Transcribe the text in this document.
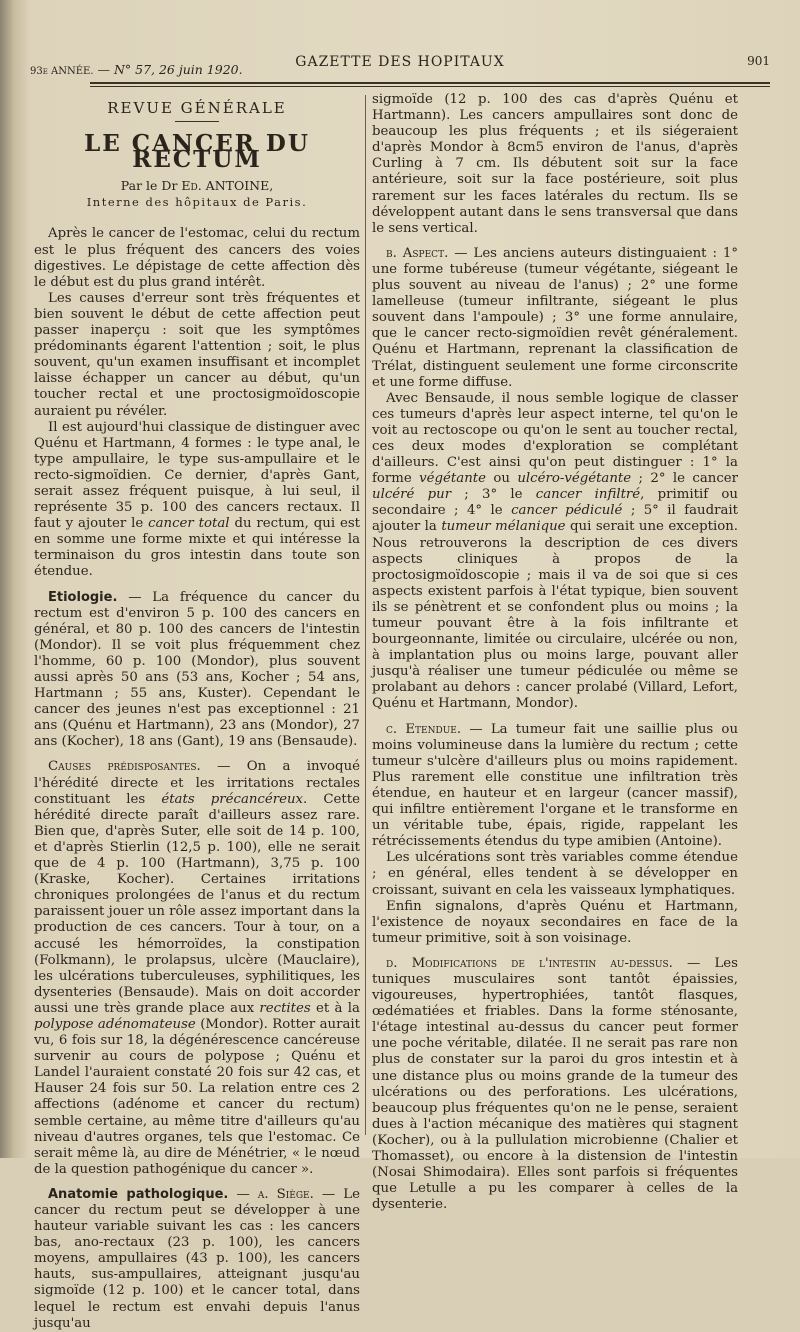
93e ANNÉE. — N° 57, 26 juin 1920.	GAZETTE DES HOPITAUX	901
REVUE GÉNÉRALE
LE CANCER DU RECTUM
Par le Dr Ed. ANTOINE,
Interne des hôpitaux de Paris.

Après le cancer de l'estomac, celui du rectum est le plus fréquent des cancers des voies digestives. Le dépistage de cette affection dès le début est du plus grand intérêt.

Les causes d'erreur sont très fréquentes et bien souvent le début de cette affection peut passer inaperçu : soit que les symptômes prédominants égarent l'attention ; soit, le plus souvent, qu'un examen insuffisant et incomplet laisse échapper un cancer au début, qu'un toucher rectal et une proctosigmoïdoscopie auraient pu révéler.

Il est aujourd'hui classique de distinguer avec Quénu et Hartmann, 4 formes : le type anal, le type ampullaire, le type sus-ampullaire et le recto-sigmoïdien. Ce dernier, d'après Gant, serait assez fréquent puisque, à lui seul, il représente 35 p. 100 des cancers rectaux. Il faut y ajouter le cancer total du rectum, qui est en somme une forme mixte et qui intéresse la terminaison du gros intestin dans toute son étendue.

Etiologie. — La fréquence du cancer du rectum est d'environ 5 p. 100 des cancers en général, et 80 p. 100 des cancers de l'intestin (Mondor). Il se voit plus fréquemment chez l'homme, 60 p. 100 (Mondor), plus souvent aussi après 50 ans (53 ans, Kocher ; 54 ans, Hartmann ; 55 ans, Kuster). Cependant le cancer des jeunes n'est pas exceptionnel : 21 ans (Quénu et Hartmann), 23 ans (Mondor), 27 ans (Kocher), 18 ans (Gant), 19 ans (Bensaude).

Causes prédisposantes. — On a invoqué l'hérédité directe et les irritations rectales constituant les états précancéreux. Cette hérédité directe paraît d'ailleurs assez rare. Bien que, d'après Suter, elle soit de 14 p. 100, et d'après Stierlin (12,5 p. 100), elle ne serait que de 4 p. 100 (Hartmann), 3,75 p. 100 (Kraske, Kocher). Certaines irritations chroniques prolongées de l'anus et du rectum paraissent jouer un rôle assez important dans la production de ces cancers. Tour à tour, on a accusé les hémorroïdes, la constipation (Folkmann), le prolapsus, ulcère (Mauclaire), les ulcérations tuberculeuses, syphilitiques, les dysenteries (Bensaude). Mais on doit accorder aussi une très grande place aux rectites et à la polypose adénomateuse (Mondor). Rotter aurait vu, 6 fois sur 18, la dégénérescence cancéreuse survenir au cours de polypose ; Quénu et Landel l'auraient constaté 20 fois sur 42 cas, et Hauser 24 fois sur 50. La relation entre ces 2 affections (adénome et cancer du rectum) semble certaine, au même titre d'ailleurs qu'au niveau d'autres organes, tels que l'estomac. Ce serait même là, au dire de Ménétrier, « le nœud de la question pathogénique du cancer ».

Anatomie pathologique. — a. Siège. — Le cancer du rectum peut se développer à une hauteur variable suivant les cas : les cancers bas, ano-rectaux (23 p. 100), les cancers moyens, ampullaires (43 p. 100), les cancers hauts, sus-ampullaires, atteignant jusqu'au sigmoïde (12 p. 100) et le cancer total, dans lequel le rectum est envahi depuis l'anus jusqu'au

sigmoïde (12 p. 100 des cas d'après Quénu et Hartmann). Les cancers ampullaires sont donc de beaucoup les plus fréquents ; et ils siégeraient d'après Mondor à 8cm5 environ de l'anus, d'après Curling à 7 cm. Ils débutent soit sur la face antérieure, soit sur la face postérieure, soit plus rarement sur les faces latérales du rectum. Ils se développent autant dans le sens transversal que dans le sens vertical.

b. Aspect. — Les anciens auteurs distinguaient : 1° une forme tubéreuse (tumeur végétante, siégeant le plus souvent au niveau de l'anus) ; 2° une forme lamelleuse (tumeur infiltrante, siégeant le plus souvent dans l'ampoule) ; 3° une forme annulaire, que le cancer recto-sigmoïdien revêt généralement. Quénu et Hartmann, reprenant la classification de Trélat, distinguent seulement une forme circonscrite et une forme diffuse.

Avec Bensaude, il nous semble logique de classer ces tumeurs d'après leur aspect interne, tel qu'on le voit au rectoscope ou qu'on le sent au toucher rectal, ces deux modes d'exploration se complétant d'ailleurs. C'est ainsi qu'on peut distinguer : 1° la forme végétante ou ulcéro-végétante ; 2° le cancer ulcéré pur ; 3° le cancer infiltré, primitif ou secondaire ; 4° le cancer pédiculé ; 5° il faudrait ajouter la tumeur mélanique qui serait une exception. Nous retrouverons la description de ces divers aspects cliniques à propos de la proctosigmoïdoscopie ; mais il va de soi que si ces aspects existent parfois à l'état typique, bien souvent ils se pénètrent et se confondent plus ou moins ; la tumeur pouvant être à la fois infiltrante et bourgeonnante, limitée ou circulaire, ulcérée ou non, à implantation plus ou moins large, pouvant aller jusqu'à réaliser une tumeur pédiculée ou même se prolabant au dehors : cancer prolabé (Villard, Lefort, Quénu et Hartmann, Mondor).

c. Etendue. — La tumeur fait une saillie plus ou moins volumineuse dans la lumière du rectum ; cette tumeur s'ulcère d'ailleurs plus ou moins rapidement. Plus rarement elle constitue une infiltration très étendue, en hauteur et en largeur (cancer massif), qui infiltre entièrement l'organe et le transforme en un véritable tube, épais, rigide, rappelant les rétrécissements étendus du type amibien (Antoine).

Les ulcérations sont très variables comme étendue ; en général, elles tendent à se développer en croissant, suivant en cela les vaisseaux lymphatiques.

Enfin signalons, d'après Quénu et Hartmann, l'existence de noyaux secondaires en face de la tumeur primitive, soit à son voisinage.

d. Modifications de l'intestin au-dessus. — Les tuniques musculaires sont tantôt épaissies, vigoureuses, hypertrophiées, tantôt flasques, œdématiées et friables. Dans la forme sténosante, l'étage intestinal au-dessus du cancer peut former une poche véritable, dilatée. Il ne serait pas rare non plus de constater sur la paroi du gros intestin et à une distance plus ou moins grande de la tumeur des ulcérations ou des perforations. Les ulcérations, beaucoup plus fréquentes qu'on ne le pense, seraient dues à l'action mécanique des matières qui stagnent (Kocher), ou à la pullulation microbienne (Chalier et Thomasset), ou encore à la distension de l'intestin (Nosai Shimodaira). Elles sont parfois si fréquentes que Letulle a pu les comparer à celles de la dysenterie.
